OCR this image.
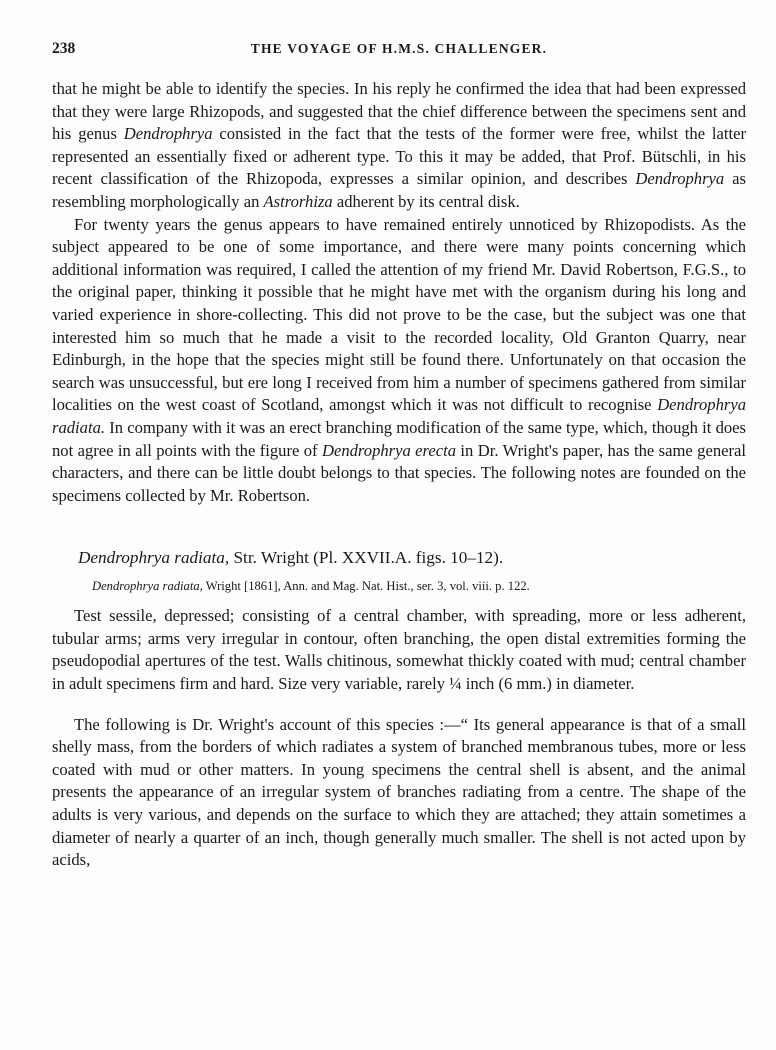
238	THE VOYAGE OF H.M.S. CHALLENGER.

that he might be able to identify the species. In his reply he confirmed the idea that had been expressed that they were large Rhizopods, and suggested that the chief difference between the specimens sent and his genus Dendrophrya consisted in the fact that the tests of the former were free, whilst the latter represented an essentially fixed or adherent type. To this it may be added, that Prof. Bütschli, in his recent classification of the Rhizopoda, expresses a similar opinion, and describes Dendrophrya as resembling morphologically an Astrorhiza adherent by its central disk.

For twenty years the genus appears to have remained entirely unnoticed by Rhizopodists. As the subject appeared to be one of some importance, and there were many points concerning which additional information was required, I called the attention of my friend Mr. David Robertson, F.G.S., to the original paper, thinking it possible that he might have met with the organism during his long and varied experience in shore-collecting. This did not prove to be the case, but the subject was one that interested him so much that he made a visit to the recorded locality, Old Granton Quarry, near Edinburgh, in the hope that the species might still be found there. Unfortunately on that occasion the search was unsuccessful, but ere long I received from him a number of specimens gathered from similar localities on the west coast of Scotland, amongst which it was not difficult to recognise Dendrophrya radiata. In company with it was an erect branching modification of the same type, which, though it does not agree in all points with the figure of Dendrophrya erecta in Dr. Wright's paper, has the same general characters, and there can be little doubt belongs to that species. The following notes are founded on the specimens collected by Mr. Robertson.

Dendrophrya radiata, Str. Wright (Pl. XXVII.A. figs. 10–12).
Dendrophrya radiata, Wright [1861], Ann. and Mag. Nat. Hist., ser. 3, vol. viii. p. 122.

Test sessile, depressed; consisting of a central chamber, with spreading, more or less adherent, tubular arms; arms very irregular in contour, often branching, the open distal extremities forming the pseudopodial apertures of the test. Walls chitinous, somewhat thickly coated with mud; central chamber in adult specimens firm and hard. Size very variable, rarely ¼ inch (6 mm.) in diameter.

The following is Dr. Wright's account of this species :—“ Its general appearance is that of a small shelly mass, from the borders of which radiates a system of branched membranous tubes, more or less coated with mud or other matters. In young specimens the central shell is absent, and the animal presents the appearance of an irregular system of branches radiating from a centre. The shape of the adults is very various, and depends on the surface to which they are attached; they attain sometimes a diameter of nearly a quarter of an inch, though generally much smaller. The shell is not acted upon by acids,
